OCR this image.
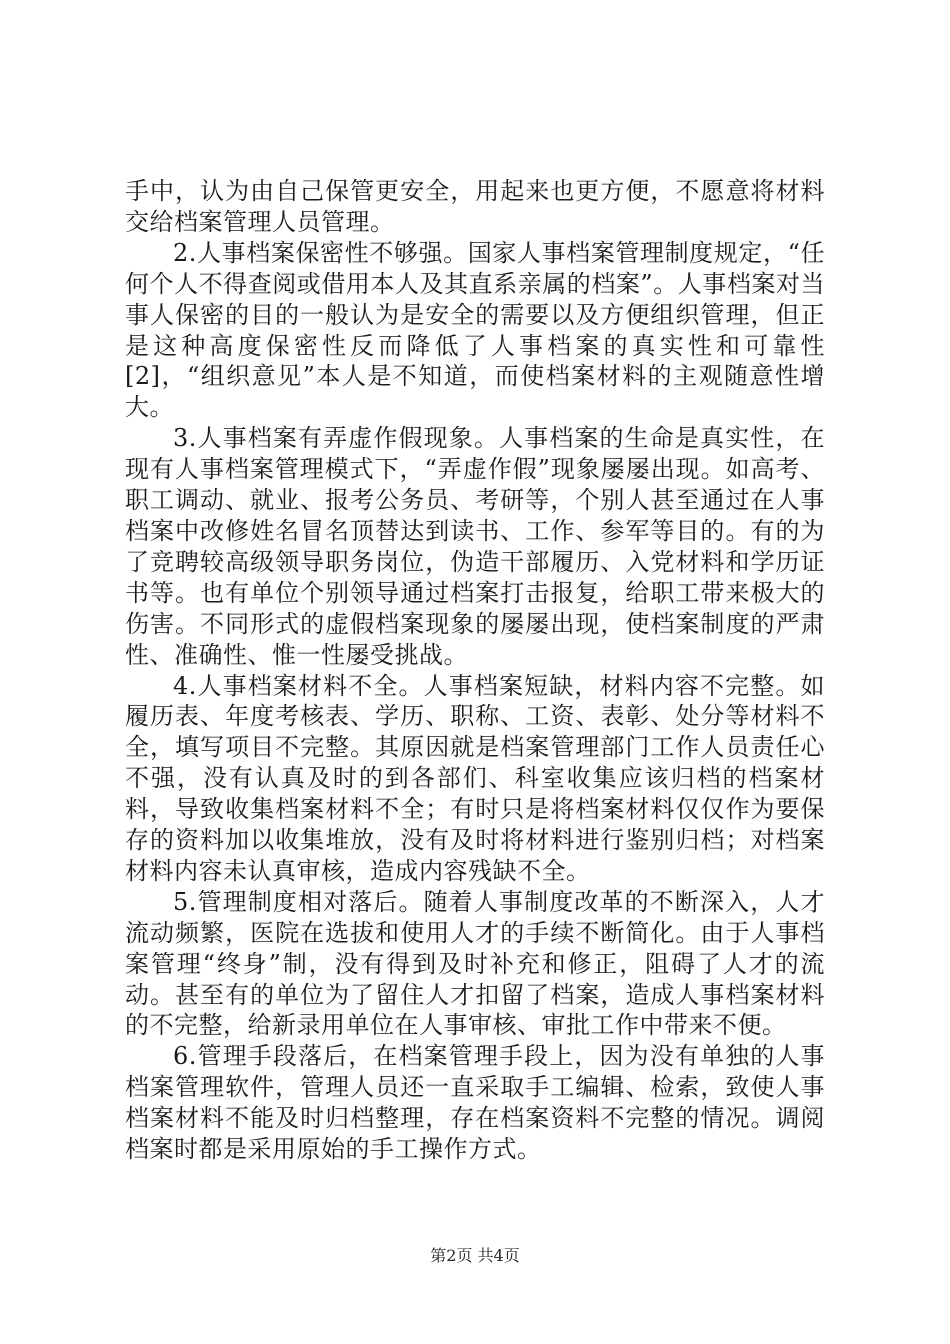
手中，认为由自己保管更安全，用起来也更方便，不愿意将材料交给档案管理人员管理。

2.人事档案保密性不够强。国家人事档案管理制度规定，“任何个人不得查阅或借用本人及其直系亲属的档案”。人事档案对当事人保密的目的一般认为是安全的需要以及方便组织管理，但正是这种高度保密性反而降低了人事档案的真实性和可靠性[2]，“组织意见”本人是不知道，而使档案材料的主观随意性增大。

3.人事档案有弄虚作假现象。人事档案的生命是真实性，在现有人事档案管理模式下，“弄虚作假”现象屡屡出现。如高考、职工调动、就业、报考公务员、考研等，个别人甚至通过在人事档案中改修姓名冒名顶替达到读书、工作、参军等目的。有的为了竞聘较高级领导职务岗位，伪造干部履历、入党材料和学历证书等。也有单位个别领导通过档案打击报复，给职工带来极大的伤害。不同形式的虚假档案现象的屡屡出现，使档案制度的严肃性、准确性、惟一性屡受挑战。

4.人事档案材料不全。人事档案短缺，材料内容不完整。如履历表、年度考核表、学历、职称、工资、表彰、处分等材料不全，填写项目不完整。其原因就是档案管理部门工作人员责任心不强，没有认真及时的到各部们、科室收集应该归档的档案材料，导致收集档案材料不全；有时只是将档案材料仅仅作为要保存的资料加以收集堆放，没有及时将材料进行鉴别归档；对档案材料内容未认真审核，造成内容残缺不全。

5.管理制度相对落后。随着人事制度改革的不断深入，人才流动频繁，医院在选拔和使用人才的手续不断简化。由于人事档案管理“终身”制，没有得到及时补充和修正，阻碍了人才的流动。甚至有的单位为了留住人才扣留了档案，造成人事档案材料的不完整，给新录用单位在人事审核、审批工作中带来不便。

6.管理手段落后，在档案管理手段上，因为没有单独的人事档案管理软件，管理人员还一直采取手工编辑、检索，致使人事档案材料不能及时归档整理，存在档案资料不完整的情况。调阅档案时都是采用原始的手工操作方式。

第2页 共4页
